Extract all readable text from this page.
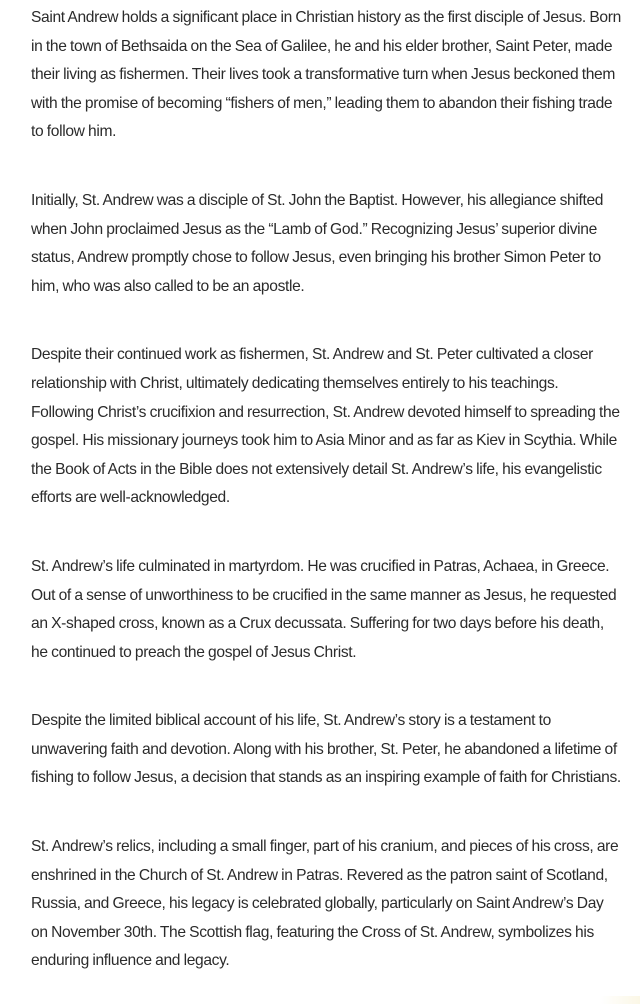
Saint Andrew holds a significant place in Christian history as the first disciple of Jesus. Born in the town of Bethsaida on the Sea of Galilee, he and his elder brother, Saint Peter, made their living as fishermen. Their lives took a transformative turn when Jesus beckoned them with the promise of becoming “fishers of men,” leading them to abandon their fishing trade to follow him.

Initially, St. Andrew was a disciple of St. John the Baptist. However, his allegiance shifted when John proclaimed Jesus as the “Lamb of God.” Recognizing Jesus’ superior divine status, Andrew promptly chose to follow Jesus, even bringing his brother Simon Peter to him, who was also called to be an apostle.

Despite their continued work as fishermen, St. Andrew and St. Peter cultivated a closer relationship with Christ, ultimately dedicating themselves entirely to his teachings. Following Christ’s crucifixion and resurrection, St. Andrew devoted himself to spreading the gospel. His missionary journeys took him to Asia Minor and as far as Kiev in Scythia. While the Book of Acts in the Bible does not extensively detail St. Andrew’s life, his evangelistic efforts are well-acknowledged.

St. Andrew’s life culminated in martyrdom. He was crucified in Patras, Achaea, in Greece. Out of a sense of unworthiness to be crucified in the same manner as Jesus, he requested an X-shaped cross, known as a Crux decussata. Suffering for two days before his death, he continued to preach the gospel of Jesus Christ.

Despite the limited biblical account of his life, St. Andrew’s story is a testament to unwavering faith and devotion. Along with his brother, St. Peter, he abandoned a lifetime of fishing to follow Jesus, a decision that stands as an inspiring example of faith for Christians.

St. Andrew’s relics, including a small finger, part of his cranium, and pieces of his cross, are enshrined in the Church of St. Andrew in Patras. Revered as the patron saint of Scotland, Russia, and Greece, his legacy is celebrated globally, particularly on Saint Andrew’s Day on November 30th. The Scottish flag, featuring the Cross of St. Andrew, symbolizes his enduring influence and legacy.
